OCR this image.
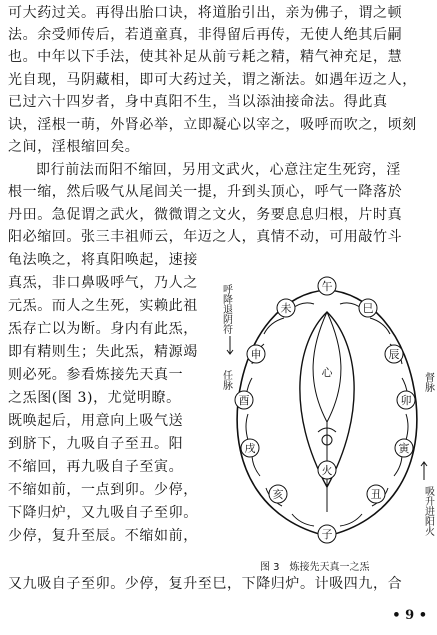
可大药过关。再得出胎口诀，将道胎引出，亲为佛子，谓之顿
法。余受师传后，若逍童真，非得留后再传，无使人绝其后嗣
也。中年以下手法，使其补足从前亏耗之精，精气神充足，慧
光自现，马阴藏相，即可大药过关，谓之渐法。如遇年迈之人，
已过六十四岁者，身中真阳不生，当以添油接命法。得此真
诀，淫根一萌，外肾必举，立即凝心以宰之，吸呼而吹之，顷刻
之间，淫根缩回矣。
即行前法而阳不缩回，另用文武火，心意注定生死窍，淫
根一缩，然后吸气从尾闾关一提，升到头顶心，呼气一降落於
丹田。急促谓之武火，微微谓之文火，务要息息归根，片时真
阳必缩回。张三丰祖师云，年迈之人，真情不动，可用敲竹斗
龟法唤之，将真阳唤起，速接
真炁，非口鼻吸呼气，乃人之
元炁。而人之生死，实赖此祖
炁存亡以为断。身内有此炁，
即有精则生；失此炁，精源竭
则必死。参看炼接先天真一
之炁图(图 3)，尤觉明瞭。
既唤起后，用意向上吸气送
到脐下，九吸自子至丑。阳
不缩回，再九吸自子至寅。
不缩如前，一点到卯。少停，
下降归炉，又九吸自子至卯。
少停，复升至辰。不缩如前，
又九吸自子至卯。少停，复升至巳，下降归炉。计吸四九，合
午
未	巳
申	辰
酉	卯
戌	寅
亥	丑
子
心
火
呼降退阴符
任脉	督脉
吸升进阳火
图 3　炼接先天真一之炁
• 9 •
